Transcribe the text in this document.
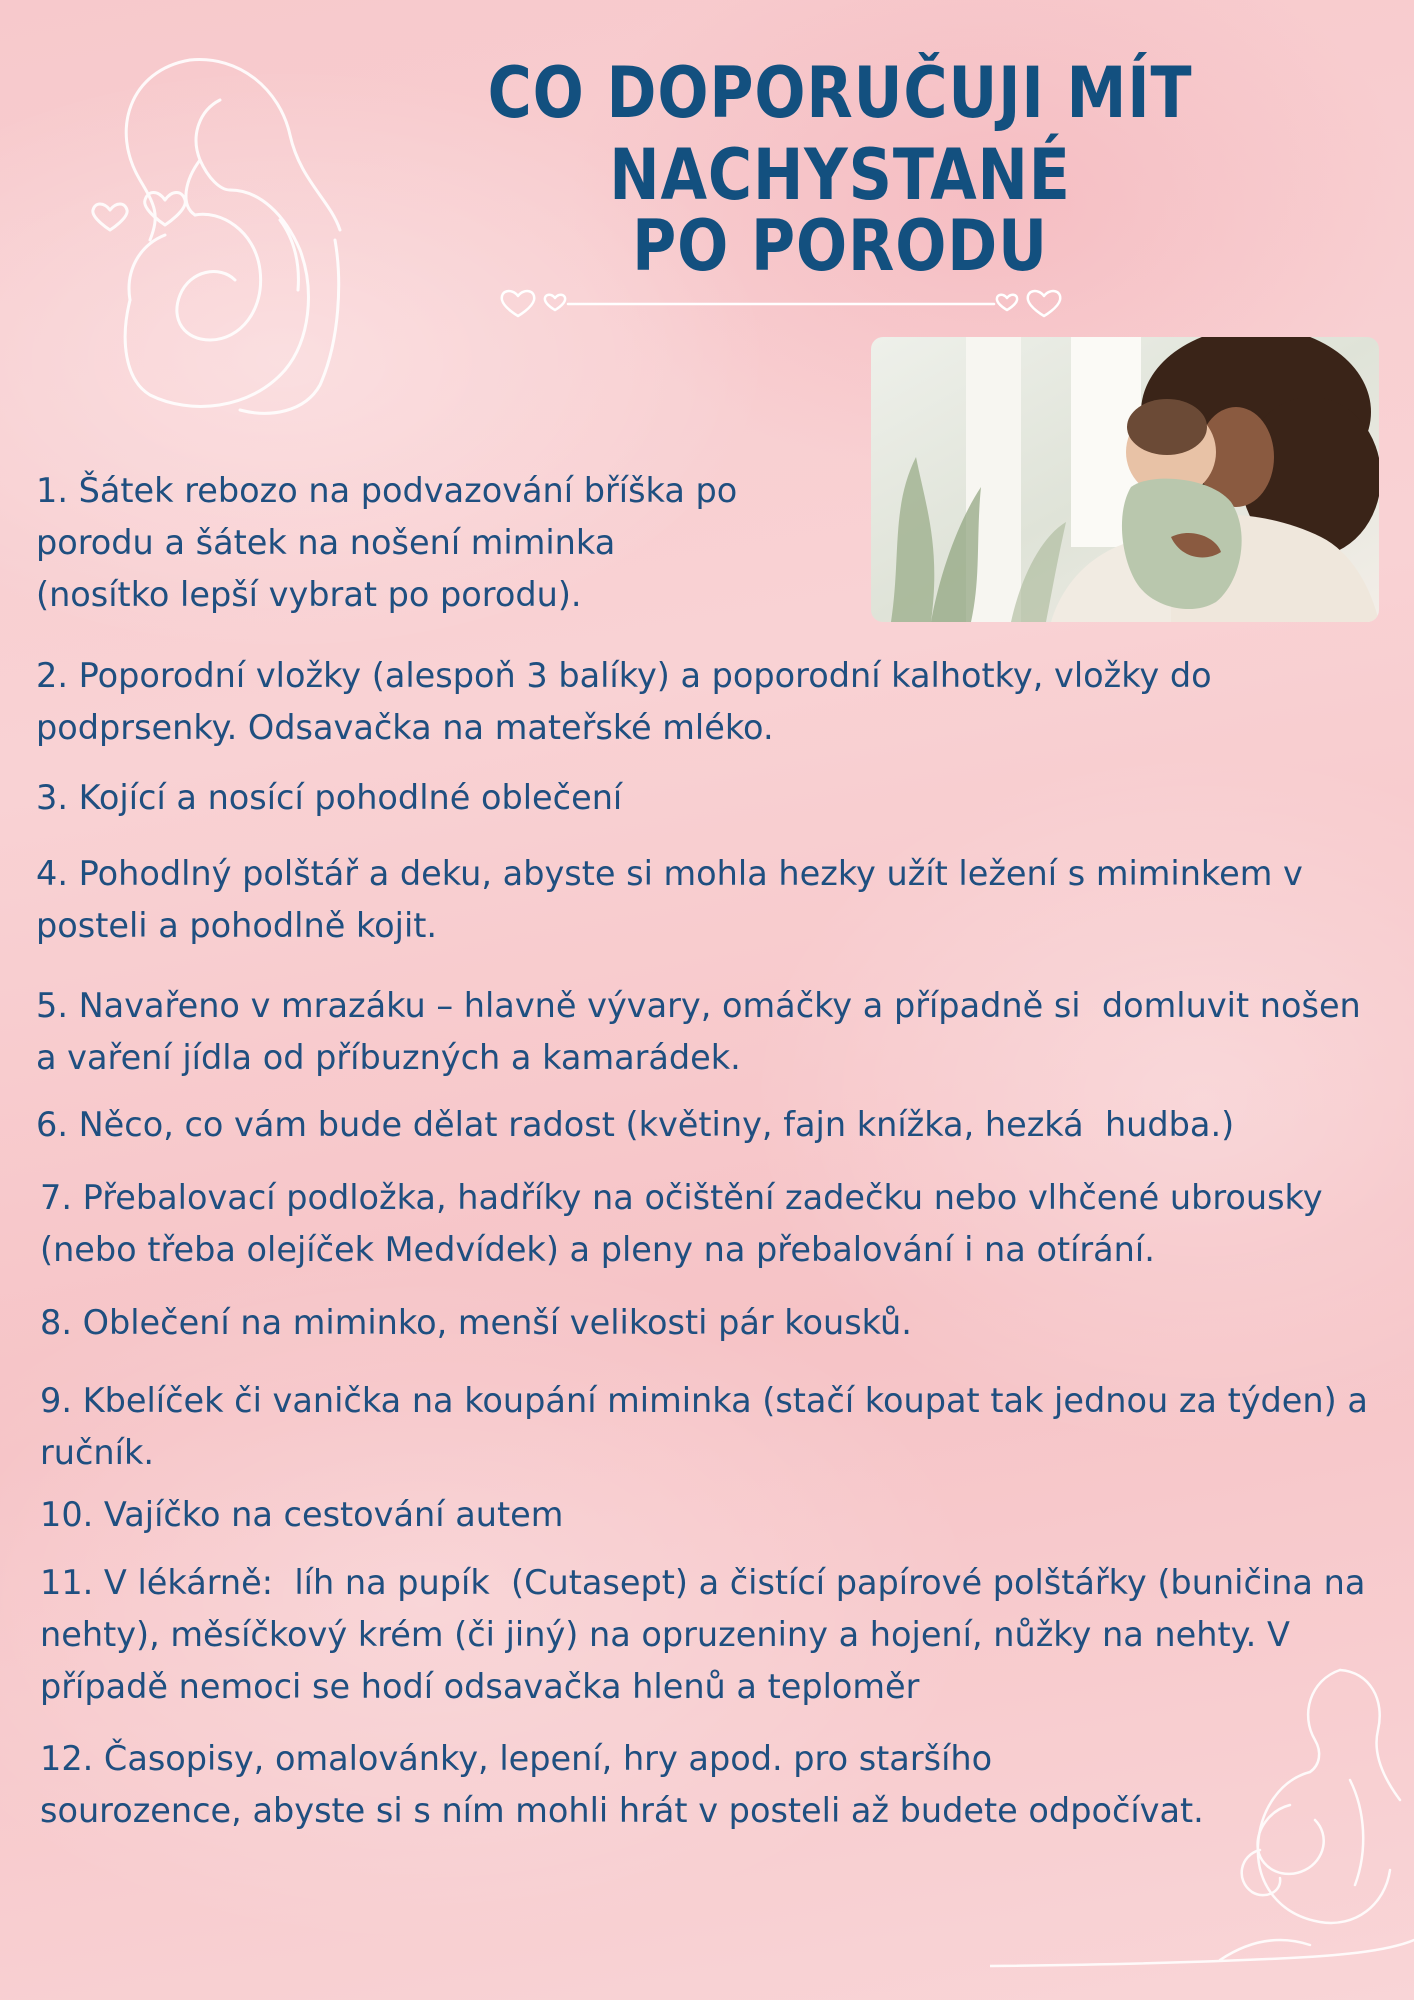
CO DOPORUČUJI MÍT NACHYSTANÉ
PO PORODU

1. Šátek rebozo na podvazování bříška po
porodu a šátek na nošení miminka
(nosítko lepší vybrat po porodu).

2. Poporodní vložky (alespoň 3 balíky) a poporodní kalhotky, vložky do
podprsenky. Odsavačka na mateřské mléko.

3. Kojící a nosící pohodlné oblečení

4. Pohodlný polštář a deku, abyste si mohla hezky užít ležení s miminkem v
posteli a pohodlně kojit.

5. Navařeno v mrazáku – hlavně vývary, omáčky a případně si  domluvit nošen
a vaření jídla od příbuzných a kamarádek.

6. Něco, co vám bude dělat radost (květiny, fajn knížka, hezká  hudba.)

7. Přebalovací podložka, hadříky na očištění zadečku nebo vlhčené ubrousky
(nebo třeba olejíček Medvídek) a pleny na přebalování i na otírání.

8. Oblečení na miminko, menší velikosti pár kousků.

9. Kbelíček či vanička na koupání miminka (stačí koupat tak jednou za týden) a
ručník.

10. Vajíčko na cestování autem

11. V lékárně:  líh na pupík  (Cutasept) a čistící papírové polštářky (buničina na
nehty), měsíčkový krém (či jiný) na opruzeniny a hojení, nůžky na nehty. V
případě nemoci se hodí odsavačka hlenů a teploměr

12. Časopisy, omalovánky, lepení, hry apod. pro staršího
sourozence, abyste si s ním mohli hrát v posteli až budete odpočívat.
